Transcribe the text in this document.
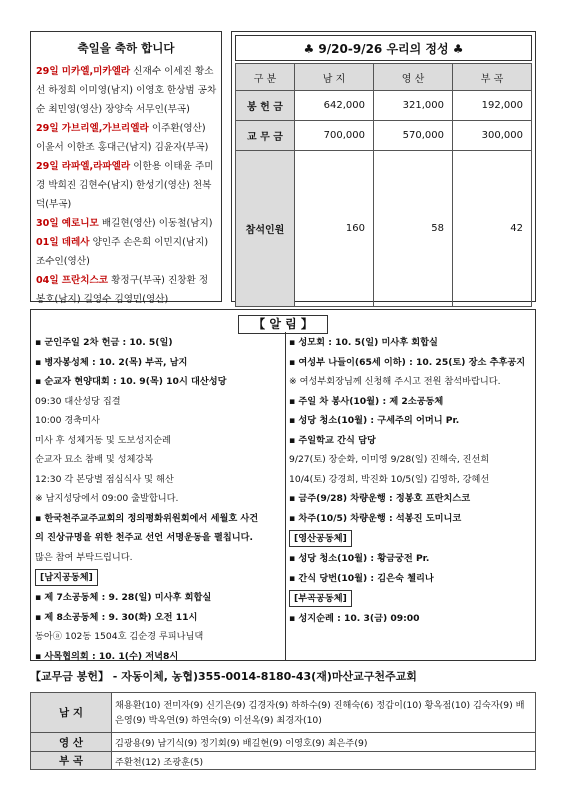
축일을 축하 합니다
29일 미카엘,미카엘라 신재수 이세진 황소선 하정희 이미영(남지) 이영호 한상범 공차순 최민영(영산) 장양숙 서무인(부곡)
29일 가브리엘,가브리엘라 이주환(영산) 이윤서 이한조 홍대근(남지) 김윤자(부곡)
29일 라파엘,라파엘라 이한용 이태윤 주미경 박희진 김현수(남지) 한성기(영산) 천복덕(부곡)
30일 예로니모 배길현(영산) 이동철(남지)
01일 데레사 양인주 손은희 이민지(남지) 조수인(영산)
04일 프란치스코 황정구(부곡) 진창환 정봉호(남지) 길영수 김영민(영산)
♣ 9/20-9/26 우리의 정성 ♣
구 분	남 지	영 산	부 곡
봉 헌 금	642,000	321,000	192,000
교 무 금	700,000	570,000	300,000
참석인원	160	58	42
【 알 림 】
▪ 군인주일 2차 헌금 : 10. 5(일)
▪ 병자봉성체 : 10. 2(목) 부곡, 남지
▪ 순교자 현양대회 : 10. 9(목) 10시 대산성당
09:30 대산성당 집결
10:00 경축미사
미사 후 성체거동 및 도보성지순례
순교자 묘소 참배 및 성체강복
12:30 각 본당별 점심식사 및 해산
※ 남지성당에서 09:00 출발합니다.
▪ 한국천주교주교회의 정의평화위원회에서 세월호 사건
의 진상규명을 위한 천주교 선언 서명운동을 펼칩니다.
많은 참여 부탁드립니다.
[남지공동체]
▪ 제 7소공동체 : 9. 28(일) 미사후 회합실
▪ 제 8소공동체 : 9. 30(화) 오전 11시
동아ⓐ 102동 1504호 김순경 루피나님댁
▪ 사목협의회 : 10. 1(수) 저녁8시
▪ 성모회 : 10. 5(일) 미사후 회합실
▪ 여성부 나들이(65세 이하) : 10. 25(토) 장소 추후공지
※ 여성부회장님께 신청해 주시고 전원 참석바랍니다.
▪ 주일 차 봉사(10월) : 제 2소공동체
▪ 성당 청소(10월) : 구세주의 어머니 Pr.
▪ 주일학교 간식 담당
9/27(토) 장순화, 이미영 9/28(일) 진해숙, 진선희
10/4(토) 강경희, 박진화 10/5(일) 김영하, 강혜선
▪ 금주(9/28) 차량운행 : 정봉호 프란치스코
▪ 차주(10/5) 차량운행 : 석봉진 도미니코
[영산공동체]
▪ 성당 청소(10월) : 황금궁전 Pr.
▪ 간식 당번(10월) : 김은숙 첼리나
[부곡공동체]
▪ 성지순례 : 10. 3(금) 09:00
【교무금 봉헌】 - 자동이체, 농협)355-0014-8180-43(재)마산교구천주교회
남 지	채용환(10) 전미자(9) 신기은(9) 김경자(9) 하하수(9) 진해숙(6) 정갑이(10) 황옥점(10) 김숙자(9) 배은영(9) 박옥연(9) 하연숙(9) 이선옥(9) 최경자(10)
영 산	김광용(9) 남기식(9) 정기회(9) 배길현(9) 이영호(9) 최은주(9)
부 곡	주환천(12) 조광훈(5)
